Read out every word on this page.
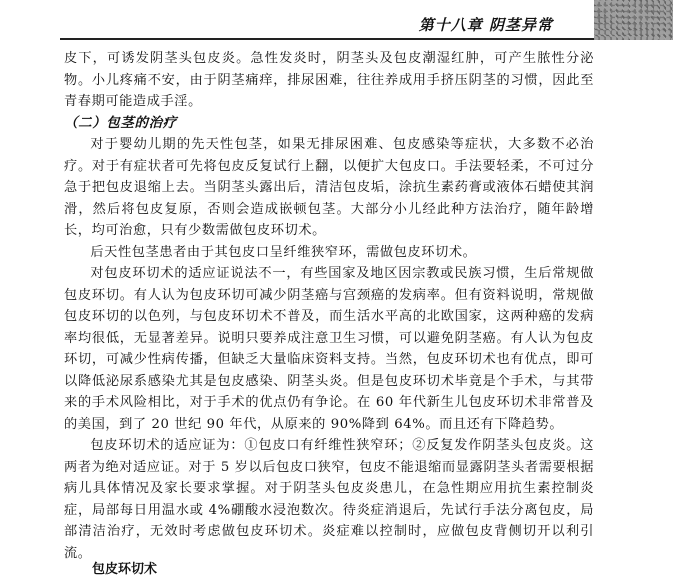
第十八章 阴茎异常

皮下，可诱发阴茎头包皮炎。急性发炎时，阴茎头及包皮潮湿红肿，可产生脓性分泌物。小儿疼痛不安，由于阴茎痛痒，排尿困难，往往养成用手挤压阴茎的习惯，因此至青春期可能造成手淫。

（二）包茎的治疗

对于婴幼儿期的先天性包茎，如果无排尿困难、包皮感染等症状，大多数不必治疗。对于有症状者可先将包皮反复试行上翻，以便扩大包皮口。手法要轻柔，不可过分急于把包皮退缩上去。当阴茎头露出后，清洁包皮垢，涂抗生素药膏或液体石蜡使其润滑，然后将包皮复原，否则会造成嵌顿包茎。大部分小儿经此种方法治疗，随年龄增长，均可治愈，只有少数需做包皮环切术。

后天性包茎患者由于其包皮口呈纤维狭窄环，需做包皮环切术。

对包皮环切术的适应证说法不一，有些国家及地区因宗教或民族习惯，生后常规做包皮环切。有人认为包皮环切可减少阴茎癌与宫颈癌的发病率。但有资料说明，常规做包皮环切的以色列，与包皮环切术不普及，而生活水平高的北欧国家，这两种癌的发病率均很低，无显著差异。说明只要养成注意卫生习惯，可以避免阴茎癌。有人认为包皮环切，可减少性病传播，但缺乏大量临床资料支持。当然，包皮环切术也有优点，即可以降低泌尿系感染尤其是包皮感染、阴茎头炎。但是包皮环切术毕竟是个手术，与其带来的手术风险相比，对于手术的优点仍有争论。在 60 年代新生儿包皮环切术非常普及的美国，到了 20 世纪 90 年代，从原来的 90%降到 64%。而且还有下降趋势。

包皮环切术的适应证为：①包皮口有纤维性狭窄环；②反复发作阴茎头包皮炎。这两者为绝对适应证。对于 5 岁以后包皮口狭窄，包皮不能退缩而显露阴茎头者需要根据病儿具体情况及家长要求掌握。对于阴茎头包皮炎患儿，在急性期应用抗生素控制炎症，局部每日用温水或 4%硼酸水浸泡数次。待炎症消退后，先试行手法分离包皮，局部清洁治疗，无效时考虑做包皮环切术。炎症难以控制时，应做包皮背侧切开以利引流。

包皮环切术
